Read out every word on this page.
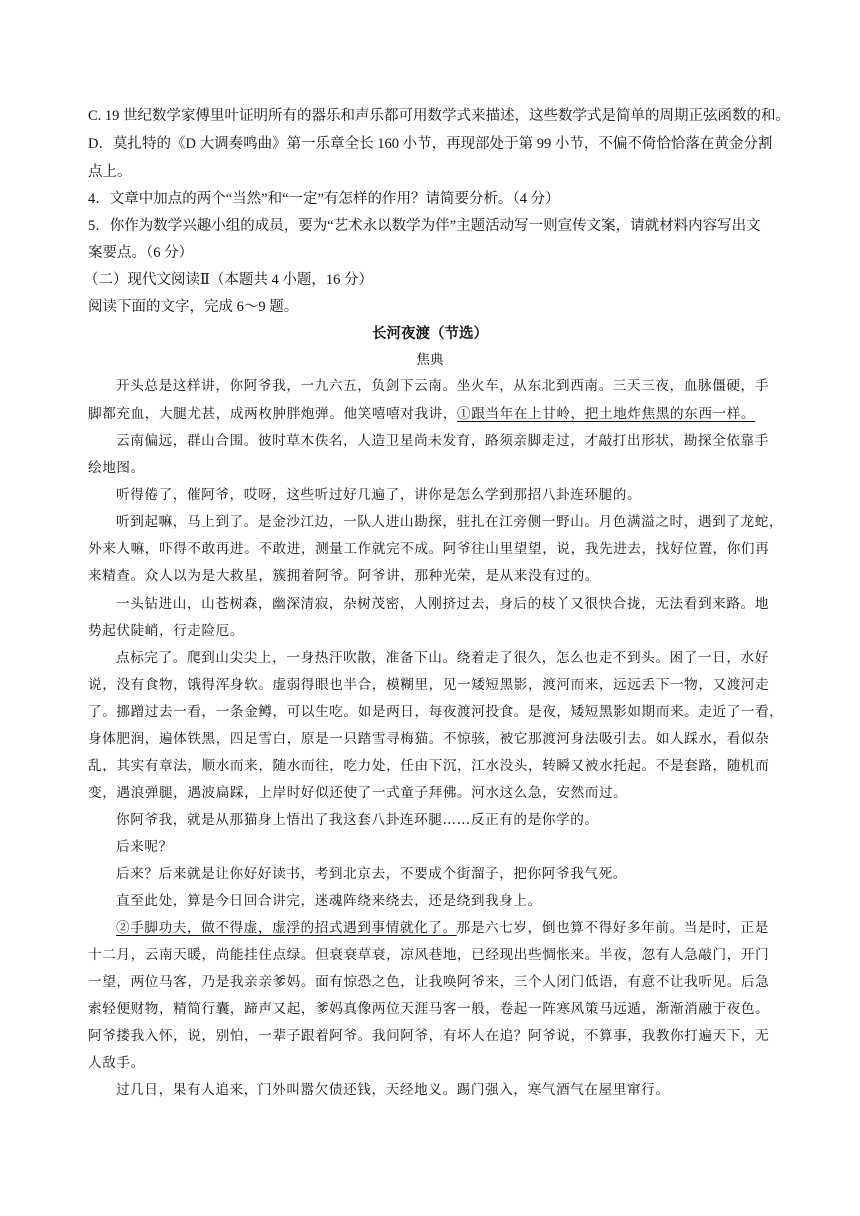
C. 19 世纪数学家傅里叶证明所有的器乐和声乐都可用数学式来描述，这些数学式是简单的周期正弦函数的和。
D．莫扎特的《D 大调奏鸣曲》第一乐章全长 160 小节，再现部处于第 99 小节，不偏不倚恰恰落在黄金分割
点上。
4．文章中加点的两个“当然”和“一定”有怎样的作用？请简要分析。（4 分）
5．你作为数学兴趣小组的成员，要为“艺术永以数学为伴”主题活动写一则宣传文案，请就材料内容写出文
案要点。（6 分）
（二）现代文阅读Ⅱ（本题共 4 小题，16 分）
阅读下面的文字，完成 6～9 题。
长河夜渡（节选）
焦典
开头总是这样讲，你阿爷我，一九六五，负剑下云南。坐火车，从东北到西南。三天三夜，血脉僵硬，手
脚都充血，大腿尤甚，成两枚肿胖炮弹。他笑嘻嘻对我讲，①跟当年在上甘岭，把土地炸焦黑的东西一样。
云南偏远，群山合围。彼时草木佚名，人造卫星尚未发育，路须亲脚走过，才敲打出形状，勘探全依靠手
绘地图。
听得倦了，催阿爷，哎呀，这些听过好几遍了，讲你是怎么学到那招八卦连环腿的。
听到起嘛，马上到了。是金沙江边，一队人进山勘探，驻扎在江旁侧一野山。月色满溢之时，遇到了龙蛇，
外来人嘛，吓得不敢再进。不敢进，测量工作就完不成。阿爷往山里望望，说，我先进去，找好位置，你们再
来精查。众人以为是大救星，簇拥着阿爷。阿爷讲，那种光荣，是从来没有过的。
一头钻进山，山苍树森，幽深清寂，杂树茂密，人刚挤过去，身后的枝丫又很快合拢，无法看到来路。地
势起伏陡峭，行走险厄。
点标完了。爬到山尖尖上，一身热汗吹散，准备下山。绕着走了很久，怎么也走不到头。困了一日，水好
说，没有食物，饿得浑身软。虚弱得眼也半合，模糊里，见一矮短黑影，渡河而来，远远丢下一物，又渡河走
了。挪蹭过去一看，一条金鳟，可以生吃。如是两日，每夜渡河投食。是夜，矮短黑影如期而来。走近了一看，
身体肥润，遍体铁黑，四足雪白，原是一只踏雪寻梅猫。不惊骇，被它那渡河身法吸引去。如人踩水，看似杂
乱，其实有章法，顺水而来，随水而往，吃力处，任由下沉，江水没头，转瞬又被水托起。不是套路，随机而
变，遇浪弹腿，遇波扁踩，上岸时好似还使了一式童子拜佛。河水这么急，安然而过。
你阿爷我，就是从那猫身上悟出了我这套八卦连环腿……反正有的是你学的。
后来呢？
后来？后来就是让你好好读书，考到北京去，不要成个街溜子，把你阿爷我气死。
直至此处，算是今日回合讲完，迷魂阵绕来绕去，还是绕到我身上。
②手脚功夫，做不得虚，虚浮的招式遇到事情就化了。那是六七岁，倒也算不得好多年前。当是时，正是
十二月，云南天暖，尚能挂住点绿。但衰衰草衰，凉风巷地，已经现出些惆怅来。半夜，忽有人急敲门，开门
一望，两位马客，乃是我亲亲爹妈。面有惊恐之色，让我唤阿爷来，三个人闭门低语，有意不让我听见。后急
索轻便财物，精简行囊，蹄声又起，爹妈真像两位天涯马客一般，卷起一阵寒风策马远遁，渐渐消融于夜色。
阿爷搂我入怀，说，别怕，一辈子跟着阿爷。我问阿爷，有坏人在追？阿爷说，不算事，我教你打遍天下，无
人敌手。
过几日，果有人追来，门外叫嚣欠债还钱，天经地义。踢门强入，寒气酒气在屋里窜行。
